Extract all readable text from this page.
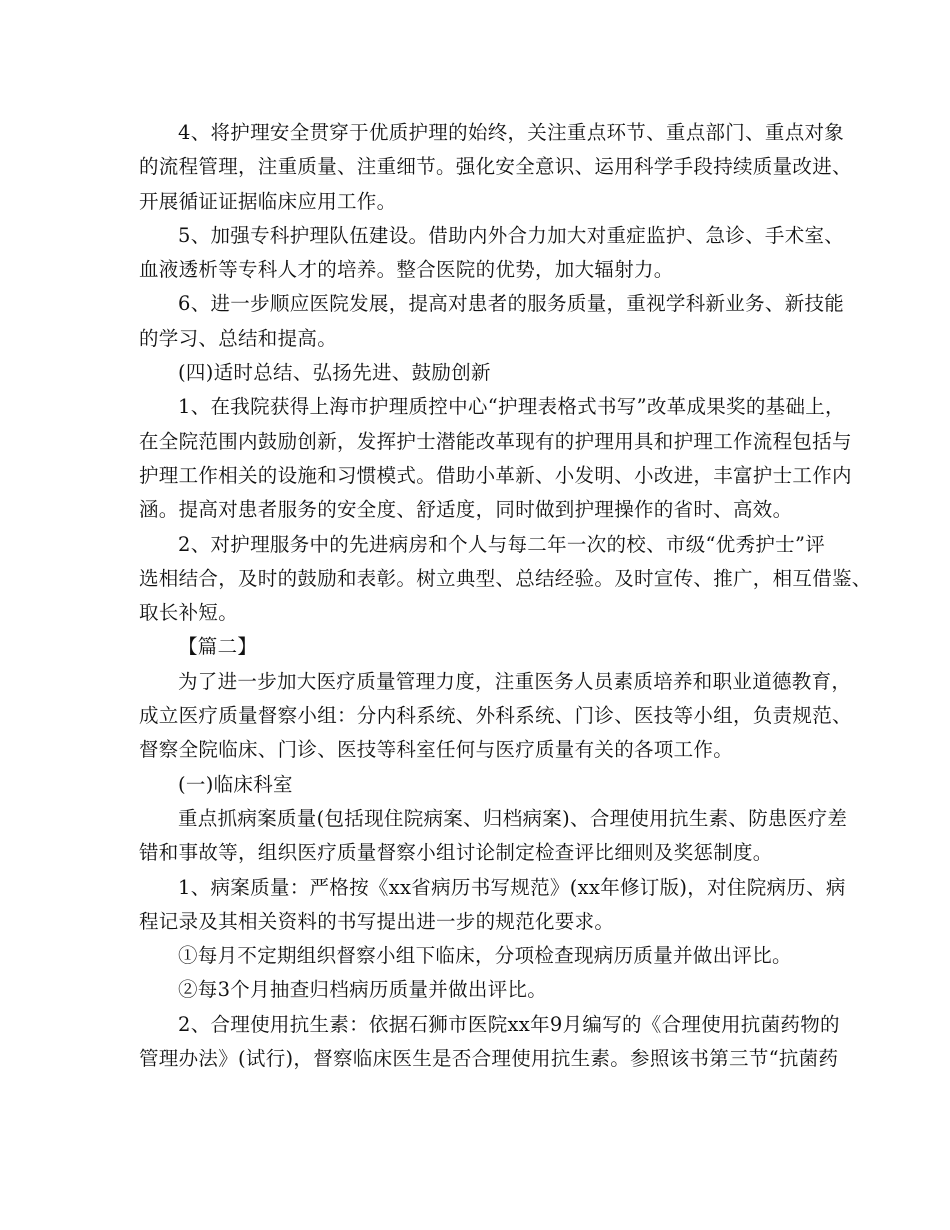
4、将护理安全贯穿于优质护理的始终，关注重点环节、重点部门、重点对象
的流程管理，注重质量、注重细节。强化安全意识、运用科学手段持续质量改进、
开展循证证据临床应用工作。
5、加强专科护理队伍建设。借助内外合力加大对重症监护、急诊、手术室、
血液透析等专科人才的培养。整合医院的优势，加大辐射力。
6、进一步顺应医院发展，提高对患者的服务质量，重视学科新业务、新技能
的学习、总结和提高。
(四)适时总结、弘扬先进、鼓励创新
1、在我院获得上海市护理质控中心“护理表格式书写”改革成果奖的基础上，
在全院范围内鼓励创新，发挥护士潜能改革现有的护理用具和护理工作流程包括与
护理工作相关的设施和习惯模式。借助小革新、小发明、小改进，丰富护士工作内
涵。提高对患者服务的安全度、舒适度，同时做到护理操作的省时、高效。
2、对护理服务中的先进病房和个人与每二年一次的校、市级“优秀护士”评
选相结合，及时的鼓励和表彰。树立典型、总结经验。及时宣传、推广，相互借鉴、
取长补短。
【篇二】
为了进一步加大医疗质量管理力度，注重医务人员素质培养和职业道德教育，
成立医疗质量督察小组：分内科系统、外科系统、门诊、医技等小组，负责规范、
督察全院临床、门诊、医技等科室任何与医疗质量有关的各项工作。
(一)临床科室
重点抓病案质量(包括现住院病案、归档病案)、合理使用抗生素、防患医疗差
错和事故等，组织医疗质量督察小组讨论制定检查评比细则及奖惩制度。
1、病案质量：严格按《xx省病历书写规范》(xx年修订版)，对住院病历、病
程记录及其相关资料的书写提出进一步的规范化要求。
①每月不定期组织督察小组下临床，分项检查现病历质量并做出评比。
②每3个月抽查归档病历质量并做出评比。
2、合理使用抗生素：依据石狮市医院xx年9月编写的《合理使用抗菌药物的
管理办法》(试行)，督察临床医生是否合理使用抗生素。参照该书第三节“抗菌药
